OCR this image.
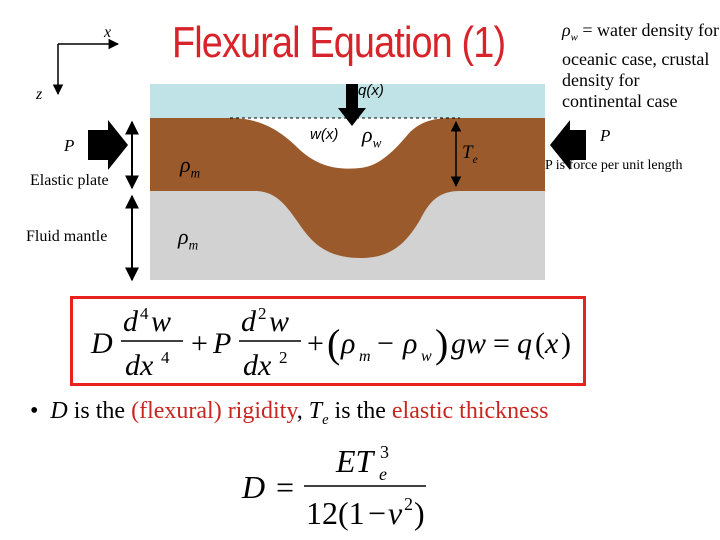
Flexural Equation (1)	$\rho_w$ = water density for oceanic case, crustal density for continental case
x
z	q(x)
w(x) $\rho_w$
$\rho_m$
$\rho_m$
P
P
$T_e$	P is force per unit length
Elastic plate
Fluid mantle
D
d 4 w
dx 4 + P
d 2 w
dx 2 + ( ρ m − ρ w ) gw = q ( x )
• D is the (flexural) rigidity, $T_e$ is the elastic thickness
D =
ET e
3
12(1 − ν 2 )
